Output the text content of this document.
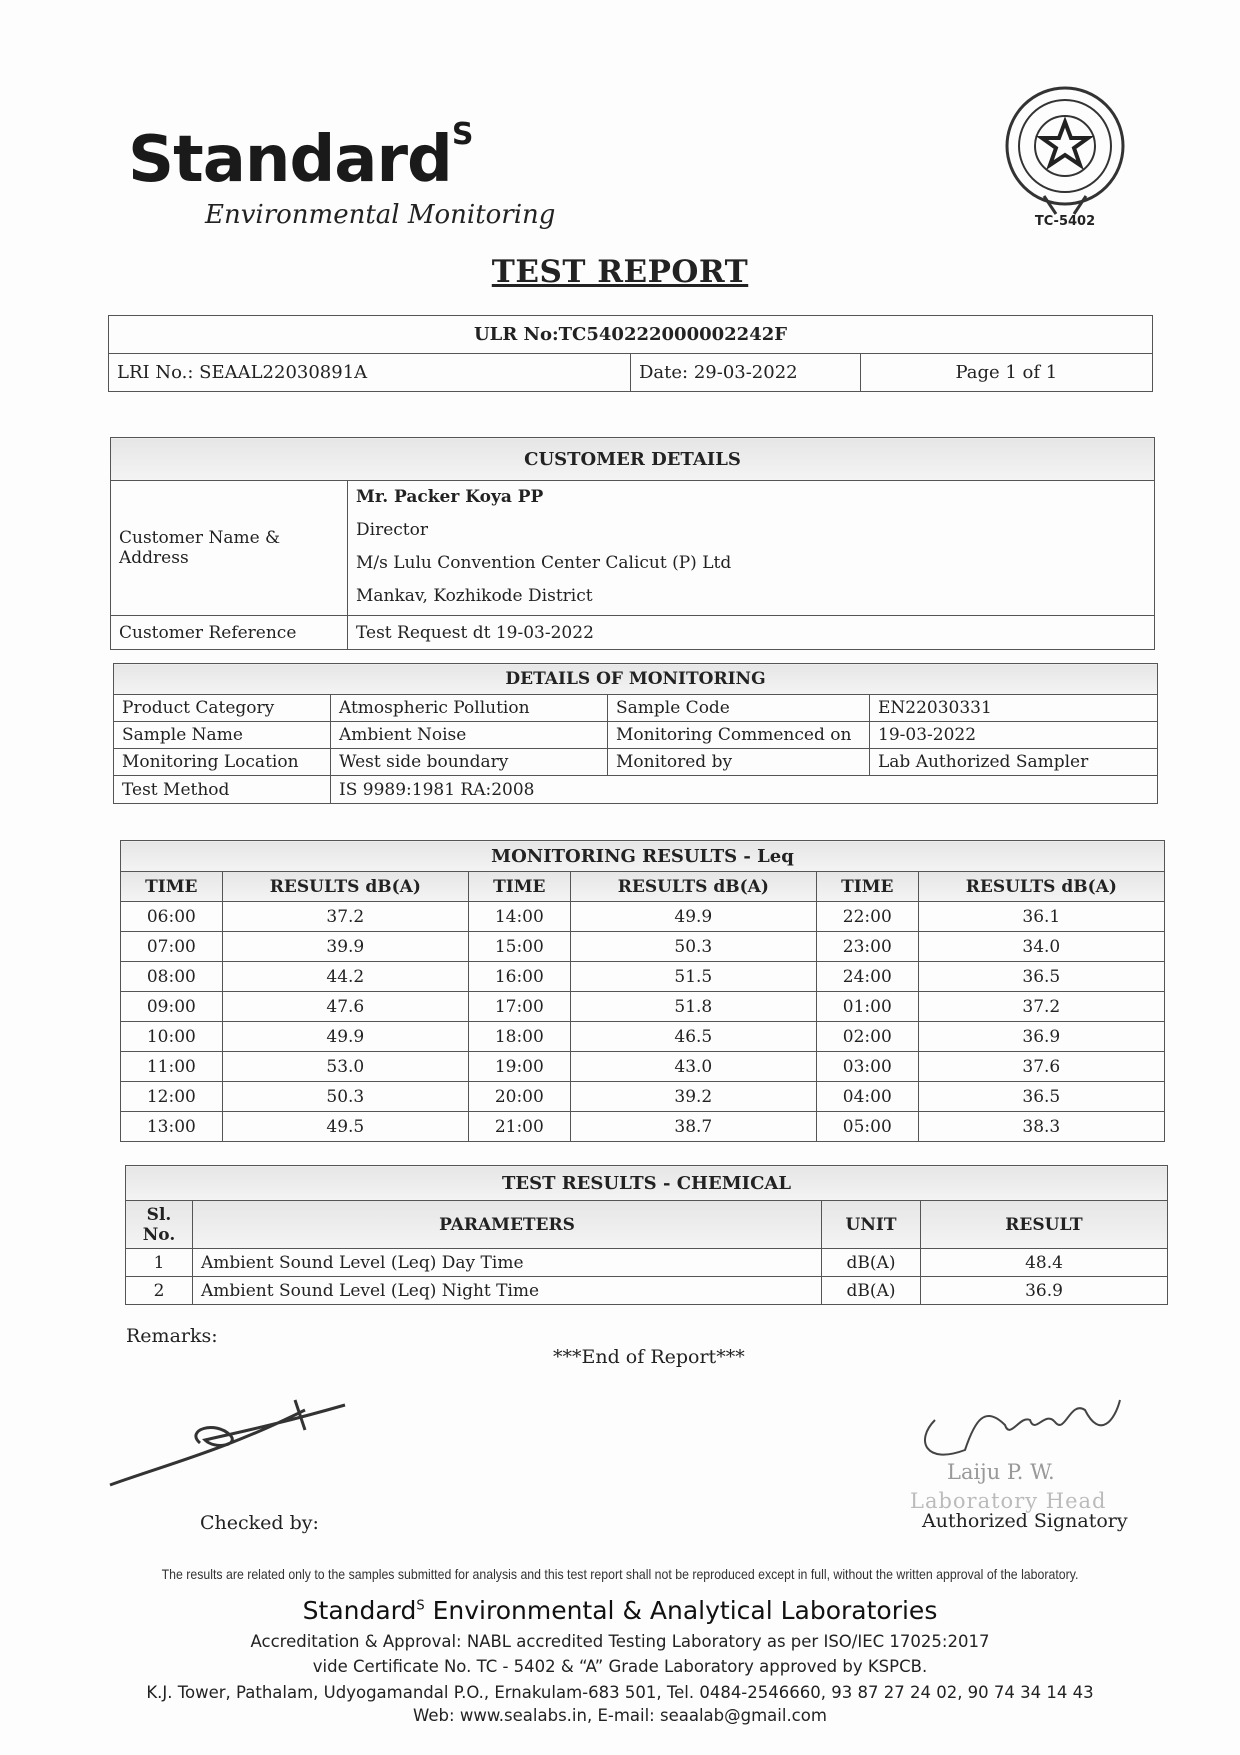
Standard$^S$
Environmental Monitoring	TC-5402
TEST REPORT
ULR No:TC540222000002242F
LRI No.: SEAAL22030891A	Date: 29-03-2022	Page 1 of 1
CUSTOMER DETAILS	
Customer Name & Address	Mr. Packer Koya PP
Director
M/s Lulu Convention Center Calicut (P) Ltd
Mankav, Kozhikode District

Customer Reference	Test Request dt 19-03-2022
DETAILS OF MONITORING			
Product Category	Atmospheric Pollution	Sample Code	EN22030331
Sample Name	Ambient Noise	Monitoring Commenced on	19-03-2022
Monitoring Location	West side boundary	Monitored by	Lab Authorized Sampler
Test Method	IS 9989:1981 RA:2008		
MONITORING RESULTS - Leq					
TIME	RESULTS dB(A)	TIME	RESULTS dB(A)	TIME	RESULTS dB(A)
06:00	37.2	14:00	49.9	22:00	36.1
07:00	39.9	15:00	50.3	23:00	34.0
08:00	44.2	16:00	51.5	24:00	36.5
09:00	47.6	17:00	51.8	01:00	37.2
10:00	49.9	18:00	46.5	02:00	36.9
11:00	53.0	19:00	43.0	03:00	37.6
12:00	50.3	20:00	39.2	04:00	36.5
13:00	49.5	21:00	38.7	05:00	38.3
TEST RESULTS - CHEMICAL			

Sl.
No.	PARAMETERS	UNIT	RESULT
1	Ambient Sound Level (Leq) Day Time	dB(A)	48.4
2	Ambient Sound Level (Leq) Night Time	dB(A)	36.9
Remarks:
***End of Report***
Checked by:
Laiju P. W.
Laboratory Head
Authorized Signatory
The results are related only to the samples submitted for analysis and this test report shall not be reproduced except in full, without the written approval of the laboratory.
Standard$^S$ Environmental & Analytical Laboratories
Accreditation & Approval: NABL accredited Testing Laboratory as per ISO/IEC 17025:2017
vide Certificate No. TC - 5402 & “A” Grade Laboratory approved by KSPCB.
K.J. Tower, Pathalam, Udyogamandal P.O., Ernakulam-683 501, Tel. 0484-2546660, 93 87 27 24 02, 90 74 34 14 43
Web: www.sealabs.in, E-mail: seaalab@gmail.com
